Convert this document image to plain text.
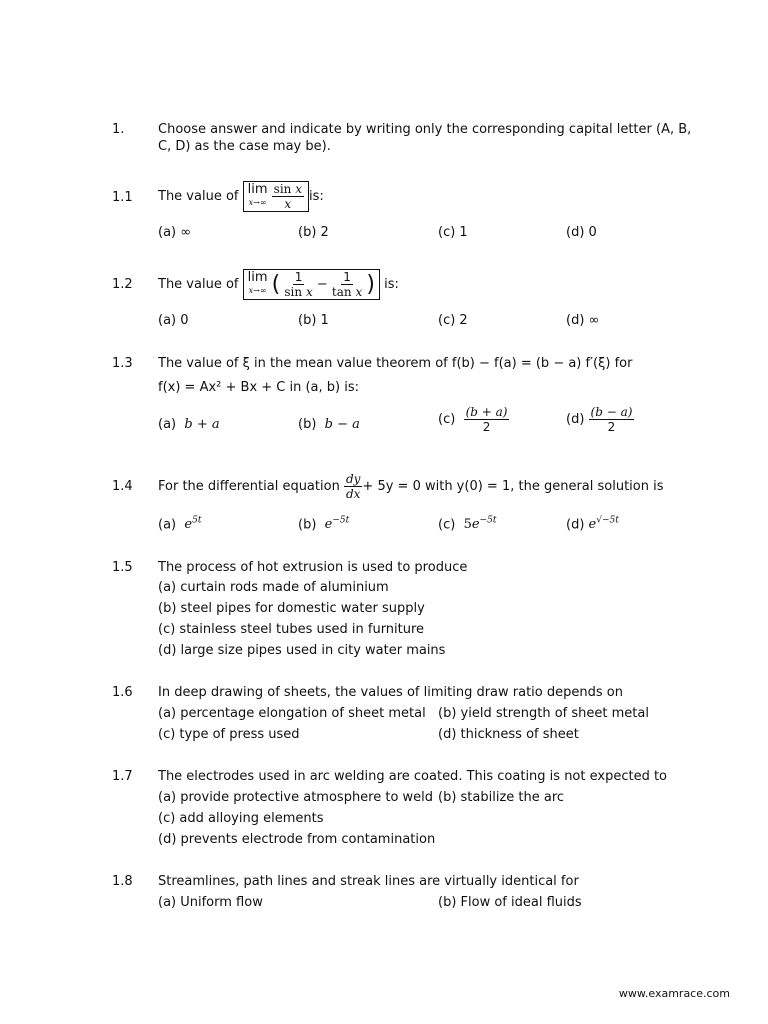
1.	Choose answer and indicate by writing only the corresponding capital letter (A, B,
C, D) as the case may be).
1.1 The value of
lim
x→∞
$\frac{\text{sin x}}{x}$ is:
(a) ∞	(b) 2	(c) 1	(d) 0
1.2 The value of
lim
x→∞ ( $\frac{1}{\text{sin x}} - \frac{1}{\text{tan x}}$ )
is:
(a) 0	(b) 1	(c) 2	(d) ∞
1.3 The value of ξ in the mean value theorem of f(b) − f(a) = (b − a) f′(ξ) for
f(x) = Ax² + Bx + C in (a, b) is:
(a) b + a	(b) b − a	(c)
$\frac{(b + a)}{2}$	(d)
$\frac{(b - a)}{2}$
1.4 For the differential equation
$\frac{dy}{dx} + 5y = 0$ with y(0) = 1, the general solution is
(a) $e^{5t}$	(b) $e^{-5t}$	(c) $5e^{-5t}$	(d) $e^{√-5t}$
1.5 The process of hot extrusion is used to produce
(a) curtain rods made of aluminium
(b) steel pipes for domestic water supply
(c) stainless steel tubes used in furniture
(d) large size pipes used in city water mains
1.6 In deep drawing of sheets, the values of limiting draw ratio depends on
(a) percentage elongation of sheet metal (b) yield strength of sheet metal
(c) type of press used	(d) thickness of sheet
1.7 The electrodes used in arc welding are coated. This coating is not expected to
(a) provide protective atmosphere to weld (b) stabilize the arc
(c) add alloying elements
(d) prevents electrode from contamination
1.8 Streamlines, path lines and streak lines are virtually identical for
(a) Uniform flow	(b) Flow of ideal fluids
www.examrace.com
